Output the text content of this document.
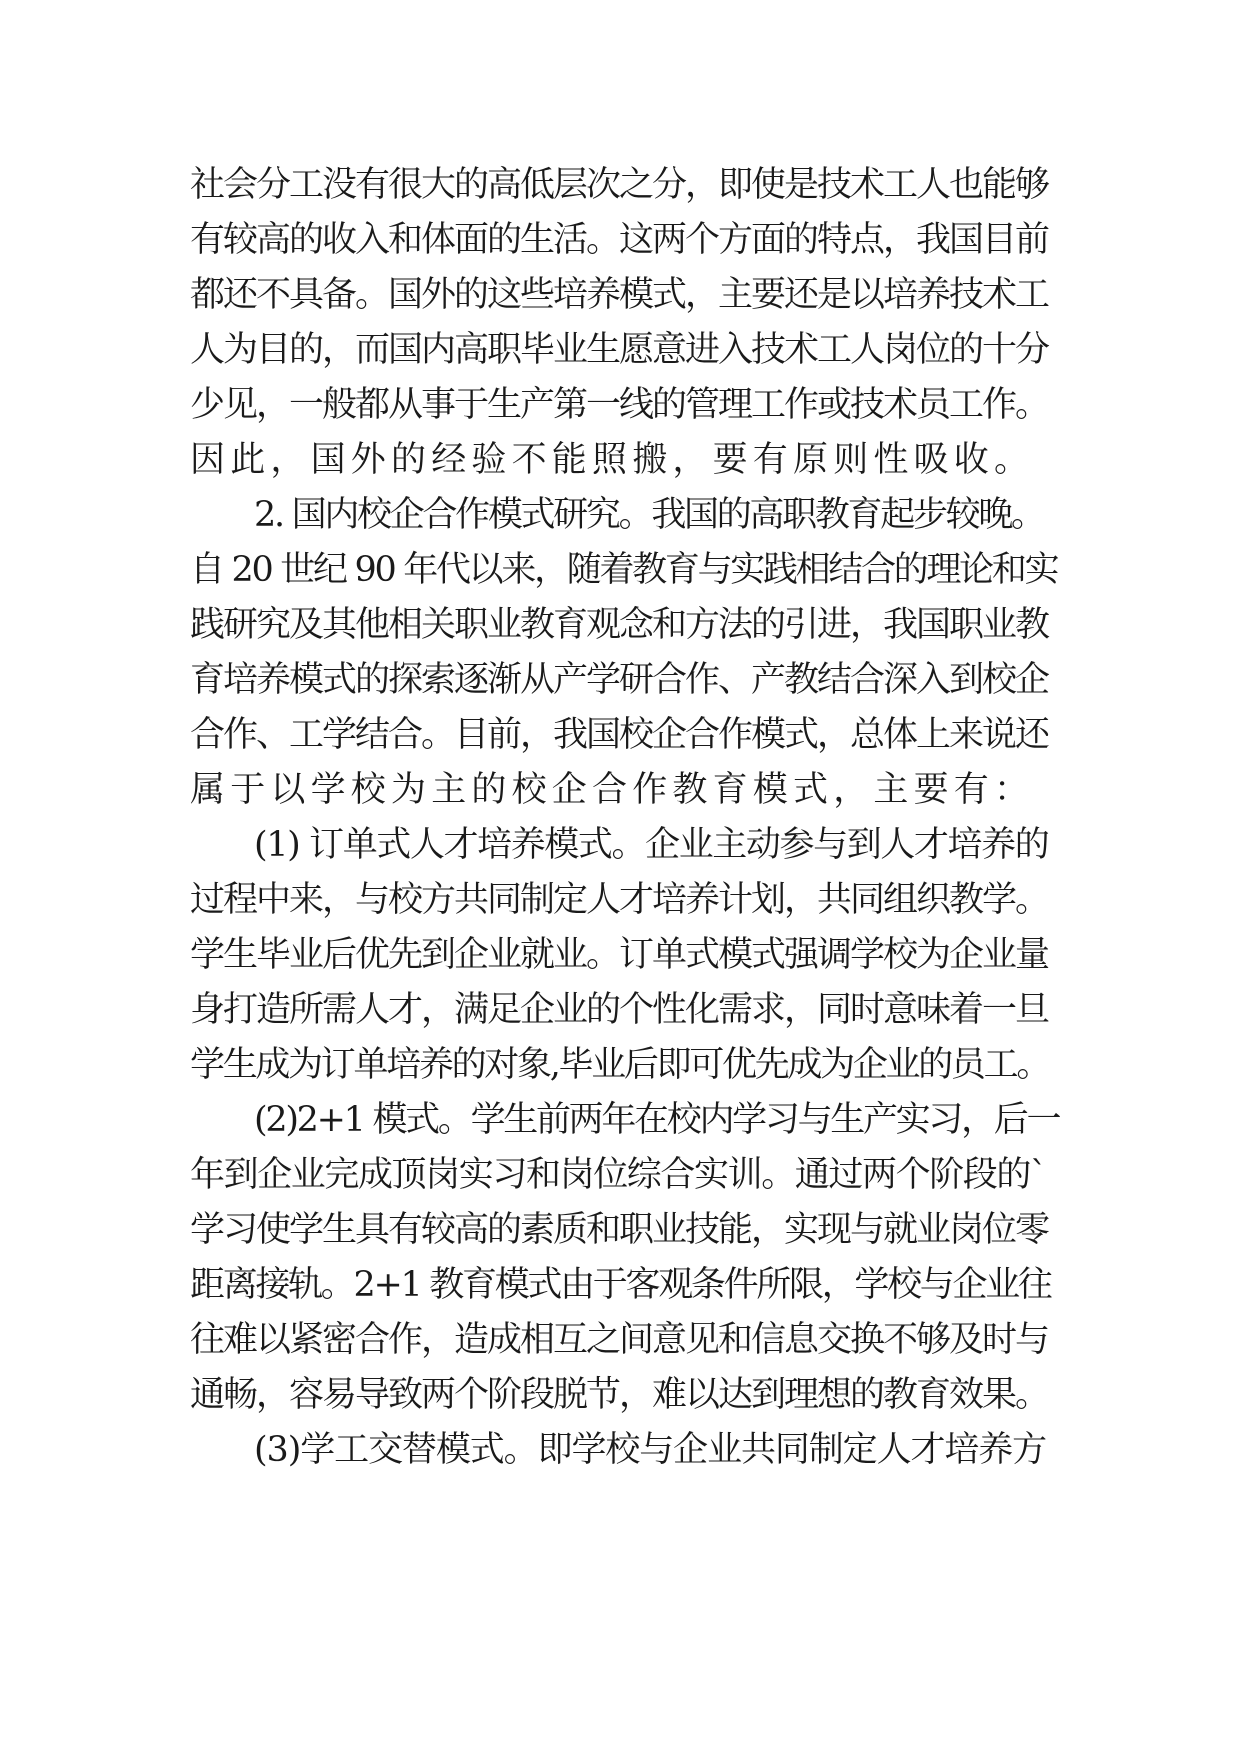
社会分工没有很大的高低层次之分，即使是技术工人也能够
有较高的收入和体面的生活。这两个方面的特点，我国目前
都还不具备。国外的这些培养模式，主要还是以培养技术工
人为目的，而国内高职毕业生愿意进入技术工人岗位的十分
少见，一般都从事于生产第一线的管理工作或技术员工作。
因此，国外的经验不能照搬，要有原则性吸收。
2. 国内校企合作模式研究。我国的高职教育起步较晚。
自 20 世纪 90 年代以来，随着教育与实践相结合的理论和实
践研究及其他相关职业教育观念和方法的引进，我国职业教
育培养模式的探索逐渐从产学研合作、产教结合深入到校企
合作、工学结合。目前，我国校企合作模式，总体上来说还
属于以学校为主的校企合作教育模式，主要有：
(1) 订单式人才培养模式。企业主动参与到人才培养的
过程中来，与校方共同制定人才培养计划，共同组织教学。
学生毕业后优先到企业就业。订单式模式强调学校为企业量
身打造所需人才，满足企业的个性化需求，同时意味着一旦
学生成为订单培养的对象,毕业后即可优先成为企业的员工。
(2)2+1 模式。学生前两年在校内学习与生产实习，后一
年到企业完成顶岗实习和岗位综合实训。通过两个阶段的`
学习使学生具有较高的素质和职业技能，实现与就业岗位零
距离接轨。2+1 教育模式由于客观条件所限，学校与企业往
往难以紧密合作，造成相互之间意见和信息交换不够及时与
通畅，容易导致两个阶段脱节，难以达到理想的教育效果。
(3)学工交替模式。即学校与企业共同制定人才培养方
